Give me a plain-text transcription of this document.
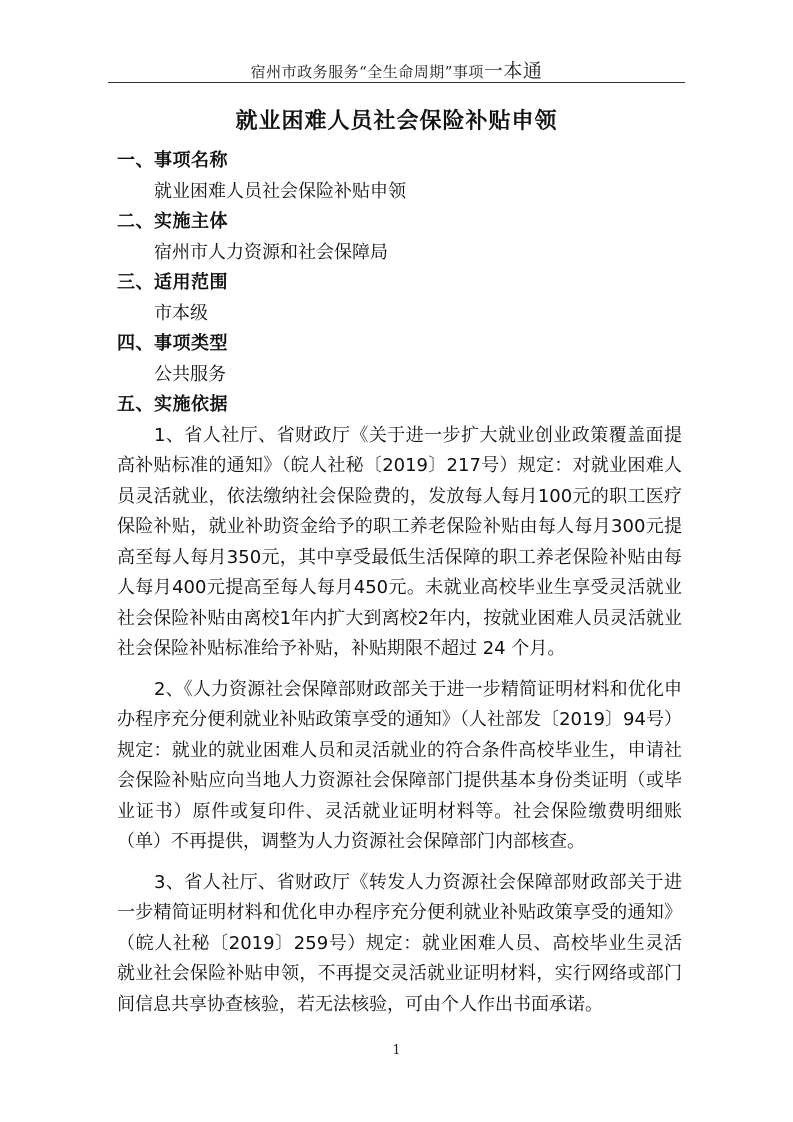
宿州市政务服务“全生命周期”事项一本通
就业困难人员社会保险补贴申领

一、事项名称

就业困难人员社会保险补贴申领

二、实施主体

宿州市人力资源和社会保障局

三、适用范围

市本级

四、事项类型

公共服务

五、实施依据

1、省人社厅、省财政厅《关于进一步扩大就业创业政策覆盖面提高补贴标准的通知》（皖人社秘〔2019〕217号）规定：对就业困难人员灵活就业，依法缴纳社会保险费的，发放每人每月100元的职工医疗保险补贴，就业补助资金给予的职工养老保险补贴由每人每月300元提高至每人每月350元，其中享受最低生活保障的职工养老保险补贴由每人每月400元提高至每人每月450元。未就业高校毕业生享受灵活就业社会保险补贴由离校1年内扩大到离校2年内，按就业困难人员灵活就业社会保险补贴标准给予补贴，补贴期限不超过 24 个月。

2、《人力资源社会保障部财政部关于进一步精简证明材料和优化申办程序充分便利就业补贴政策享受的通知》（人社部发〔2019〕94号）规定：就业的就业困难人员和灵活就业的符合条件高校毕业生，申请社会保险补贴应向当地人力资源社会保障部门提供基本身份类证明（或毕业证书）原件或复印件、灵活就业证明材料等。社会保险缴费明细账（单）不再提供，调整为人力资源社会保障部门内部核查。

3、省人社厅、省财政厅《转发人力资源社会保障部财政部关于进一步精简证明材料和优化申办程序充分便利就业补贴政策享受的通知》（皖人社秘〔2019〕259号）规定：就业困难人员、高校毕业生灵活就业社会保险补贴申领，不再提交灵活就业证明材料，实行网络或部门间信息共享协查核验，若无法核验，可由个人作出书面承诺。

1
